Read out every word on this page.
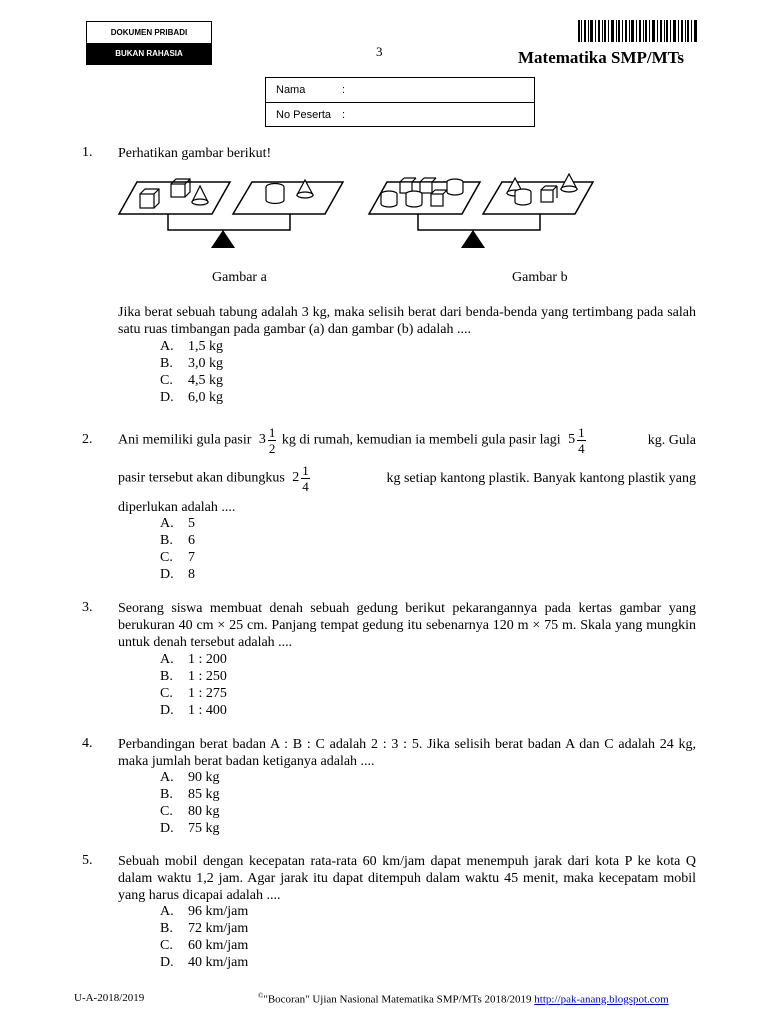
DOKUMEN PRIBADI
BUKAN RAHASIA	3	Matematika SMP/MTs
Nama	:
No Peserta :
1. Perhatikan gambar berikut!
Gambar a	Gambar b
Jika berat sebuah tabung adalah 3 kg, maka selisih berat dari benda-benda yang tertimbang pada salah satu ruas timbangan pada gambar (a) dan gambar (b) adalah ....
A. 1,5 kg
B. 3,0 kg
C. 4,5 kg
D. 6,0 kg
2. Ani memiliki gula pasir $3 \frac{1}{2}$ kg di rumah, kemudian ia membeli gula pasir lagi $5 \frac{1}{4}$	kg. Gula
pasir tersebut akan dibungkus $2 \frac{1}{4}$	kg setiap kantong plastik. Banyak kantong plastik yang
diperlukan adalah ....
A. 5
B. 6
C. 7
D. 8
3. Seorang siswa membuat denah sebuah gedung berikut pekarangannya pada kertas gambar yang berukuran 40 cm × 25 cm. Panjang tempat gedung itu sebenarnya 120 m × 75 m. Skala yang mungkin untuk denah tersebut adalah ....
A. 1 : 200
B. 1 : 250
C. 1 : 275
D. 1 : 400
4. Perbandingan berat badan A : B : C adalah 2 : 3 : 5. Jika selisih berat badan A dan C adalah 24 kg, maka jumlah berat badan ketiganya adalah ....
A. 90 kg
B. 85 kg
C. 80 kg
D. 75 kg
5. Sebuah mobil dengan kecepatan rata-rata 60 km/jam dapat menempuh jarak dari kota P ke kota Q dalam waktu 1,2 jam. Agar jarak itu dapat ditempuh dalam waktu 45 menit, maka kecepatam mobil yang harus dicapai adalah ....
A. 96 km/jam
B. 72 km/jam
C. 60 km/jam
D. 40 km/jam
U-A-2018/2019	©"Bocoran" Ujian Nasional Matematika SMP/MTs 2018/2019 http://pak-anang.blogspot.com
